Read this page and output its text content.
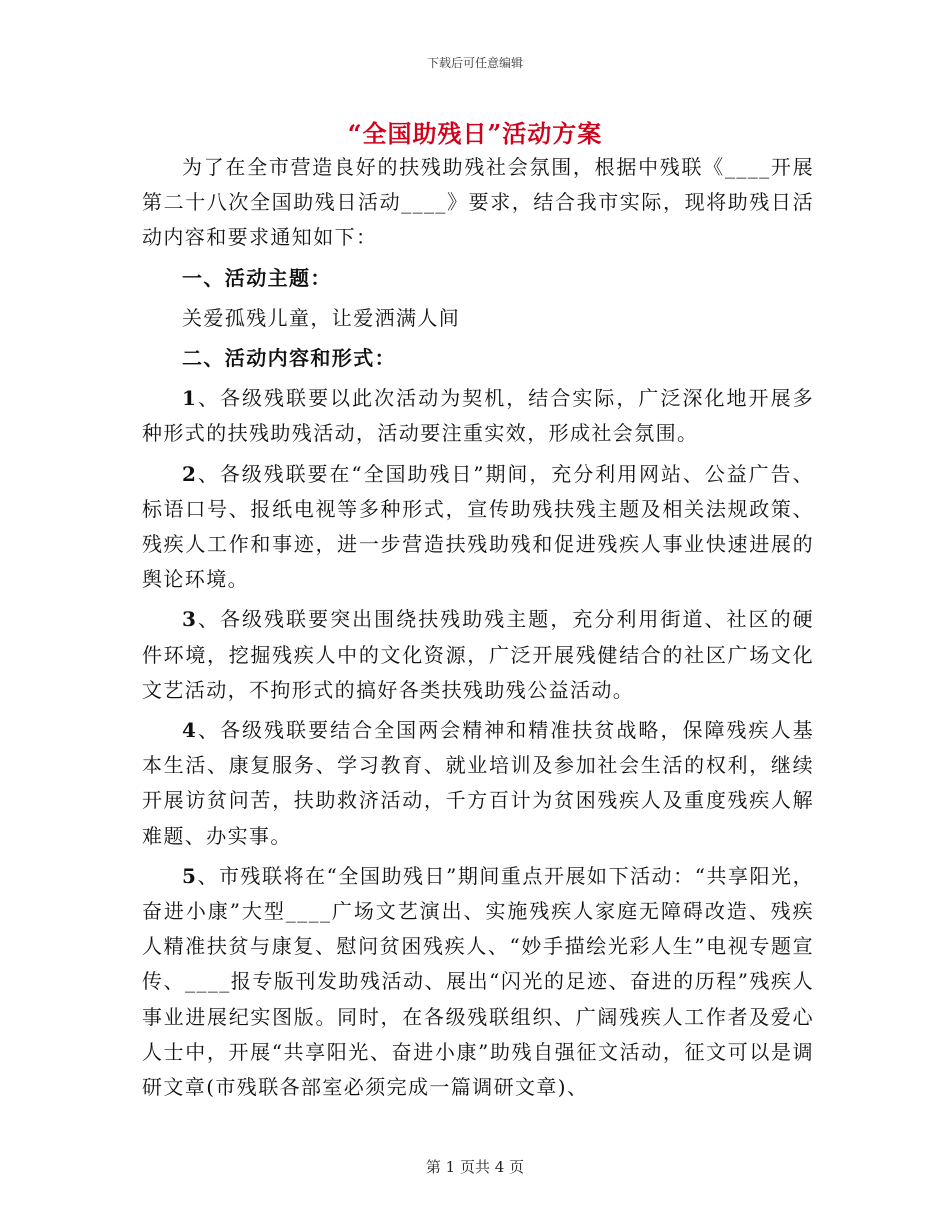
下载后可任意编辑
“全国助残日”活动方案

为了在全市营造良好的扶残助残社会氛围，根据中残联《____开展第二十八次全国助残日活动____》要求，结合我市实际，现将助残日活动内容和要求通知如下：

一、活动主题：

关爱孤残儿童，让爱洒满人间

二、活动内容和形式：

1、各级残联要以此次活动为契机，结合实际，广泛深化地开展多种形式的扶残助残活动，活动要注重实效，形成社会氛围。

2、各级残联要在“全国助残日”期间，充分利用网站、公益广告、标语口号、报纸电视等多种形式，宣传助残扶残主题及相关法规政策、残疾人工作和事迹，进一步营造扶残助残和促进残疾人事业快速进展的舆论环境。

3、各级残联要突出围绕扶残助残主题，充分利用街道、社区的硬件环境，挖掘残疾人中的文化资源，广泛开展残健结合的社区广场文化文艺活动，不拘形式的搞好各类扶残助残公益活动。

4、各级残联要结合全国两会精神和精准扶贫战略，保障残疾人基本生活、康复服务、学习教育、就业培训及参加社会生活的权利，继续开展访贫问苦，扶助救济活动，千方百计为贫困残疾人及重度残疾人解难题、办实事。

5、市残联将在“全国助残日”期间重点开展如下活动：“共享阳光，奋进小康”大型____广场文艺演出、实施残疾人家庭无障碍改造、残疾人精准扶贫与康复、慰问贫困残疾人、“妙手描绘光彩人生”电视专题宣传、____报专版刊发助残活动、展出“闪光的足迹、奋进的历程”残疾人事业进展纪实图版。同时，在各级残联组织、广阔残疾人工作者及爱心人士中，开展“共享阳光、奋进小康”助残自强征文活动，征文可以是调研文章(市残联各部室必须完成一篇调研文章)、

第 1 页共 4 页
